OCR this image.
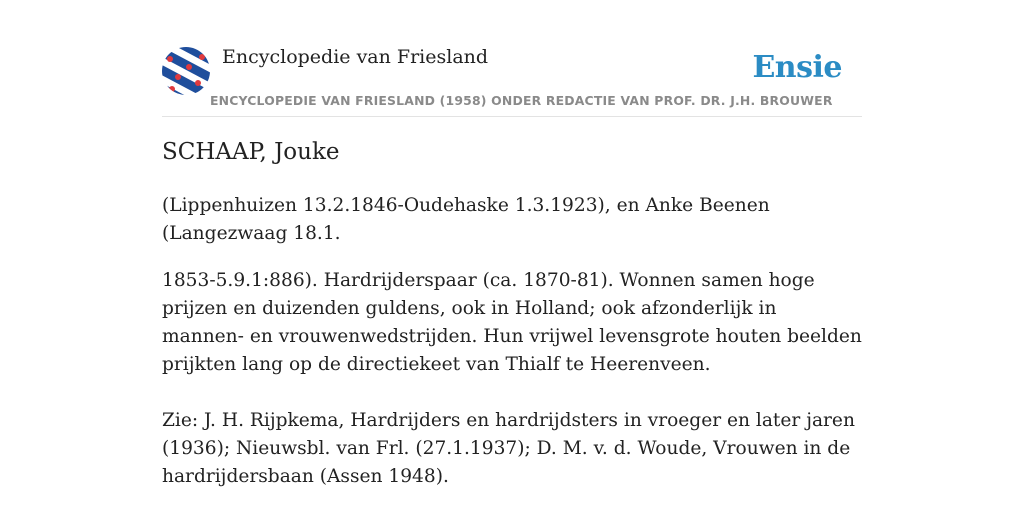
Encyclopedie van Friesland	Ensie
ENCYCLOPEDIE VAN FRIESLAND (1958) ONDER REDACTIE VAN PROF. DR. J.H. BROUWER
SCHAAP, Jouke

(Lippenhuizen 13.2.1846-Oudehaske 1.3.1923), en Anke Beenen (Langezwaag 18.1.

1853-5.9.1:886). Hardrijderspaar (ca. 1870-81). Wonnen samen hoge prijzen en duizenden guldens, ook in Holland; ook afzonderlijk in mannen- en vrouwenwedstrijden. Hun vrijwel levensgrote houten beelden prijkten lang op de directiekeet van Thialf te Heerenveen.

Zie: J. H. Rijpkema, Hardrijders en hardrijdsters in vroeger en later jaren (1936); Nieuwsbl. van Frl. (27.1.1937); D. M. v. d. Woude, Vrouwen in de hardrijdersbaan (Assen 1948).
